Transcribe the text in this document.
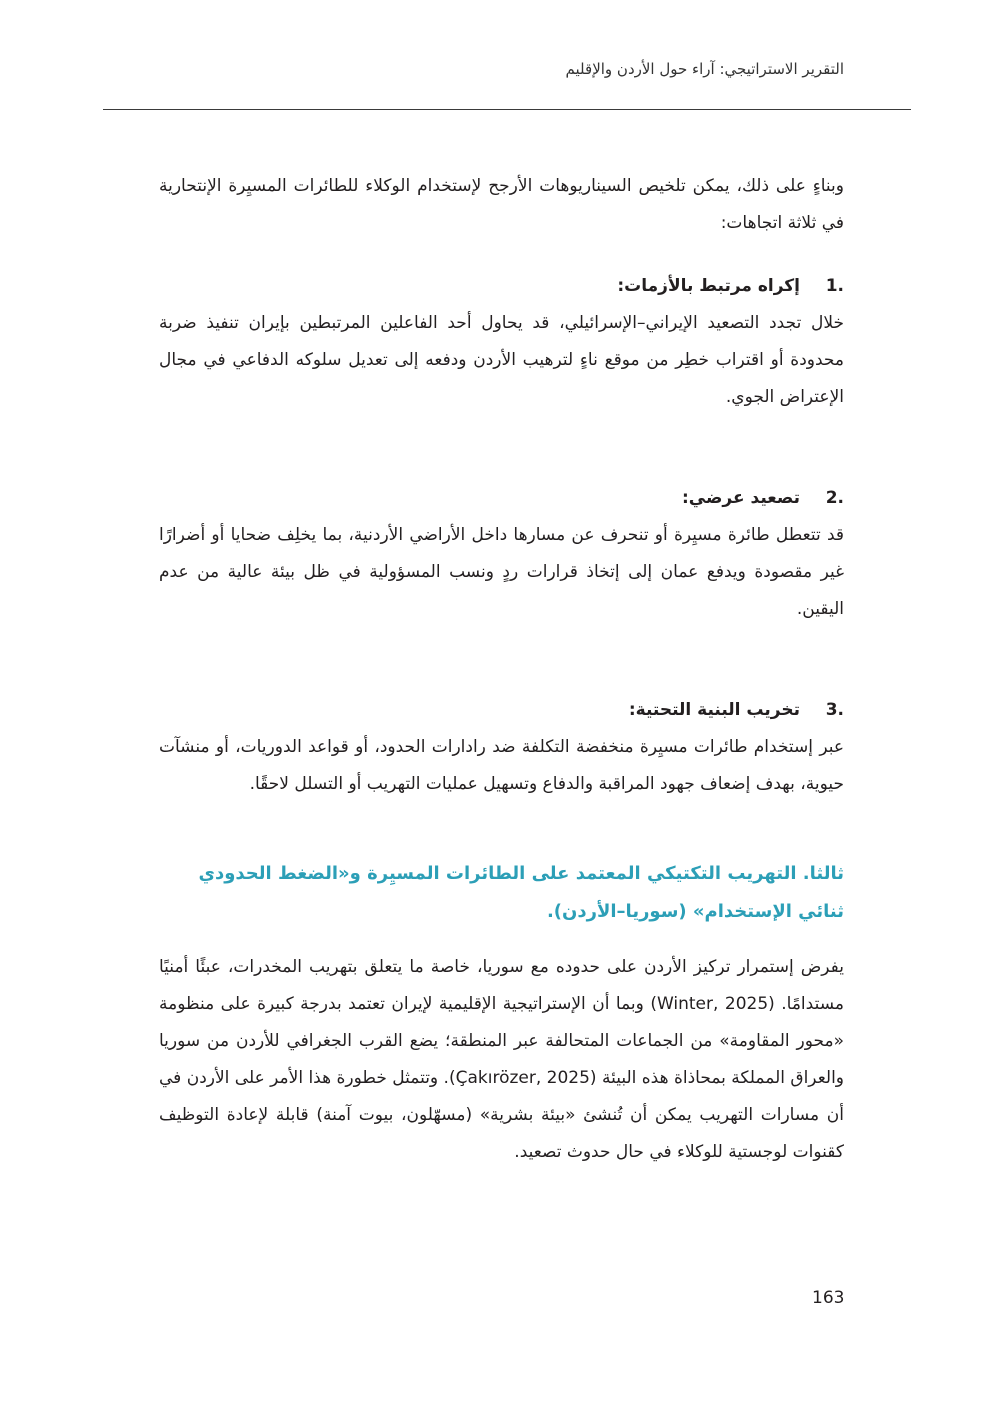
التقرير الاستراتيجي: آراء حول الأردن والإقليم

وبناءٍ على ذلك، يمكن تلخيص السيناريوهات الأرجح لإستخدام الوكلاء للطائرات المسيِرة الإنتحارية في ثلاثة اتجاهات:

1.
إكراه مرتبط بالأزمات:

خلال تجدد التصعيد الإيراني–الإسرائيلي، قد يحاول أحد الفاعلين المرتبطين بإيران تنفيذ ضربة محدودة أو اقتراب خطِر من موقع ناءٍ لترهيب الأردن ودفعه إلى تعديل سلوكه الدفاعي في مجال الإعتراض الجوي.

2.
تصعيد عرضي:

قد تتعطل طائرة مسيِرة أو تنحرف عن مسارها داخل الأراضي الأردنية، بما يخلِف ضحايا أو أضرارًا غير مقصودة ويدفع عمان إلى إتخاذ قرارات ردٍ ونسب المسؤولية في ظل بيئة عالية من عدم اليقين.

3.
تخريب البنية التحتية:

عبر إستخدام طائرات مسيِرة منخفضة التكلفة ضد رادارات الحدود، أو قواعد الدوريات، أو منشآت حيوية، بهدف إضعاف جهود المراقبة والدفاع وتسهيل عمليات التهريب أو التسلل لاحقًا.

ثالثا. التهريب التكتيكي المعتمد على الطائرات المسيِرة و«الضغط الحدودي ثنائي الإستخدام» (سوريا–الأردن).

يفرض إستمرار تركيز الأردن على حدوده مع سوريا، خاصة ما يتعلق بتهريب المخدرات، عبئًا أمنيًا مستدامًا. (Winter, 2025) وبما أن الإستراتيجية الإقليمية لإيران تعتمد بدرجة كبيرة على منظومة «محور المقاومة» من الجماعات المتحالفة عبر المنطقة؛ يضع القرب الجغرافي للأردن من سوريا والعراق المملكة بمحاذاة هذه البيئة (Çakırözer, 2025). وتتمثل خطورة هذا الأمر على الأردن في أن مسارات التهريب يمكن أن تُنشئ «بيئة بشرية» (مسهّلون، بيوت آمنة) قابلة لإعادة التوظيف كقنوات لوجستية للوكلاء في حال حدوث تصعيد.

163
